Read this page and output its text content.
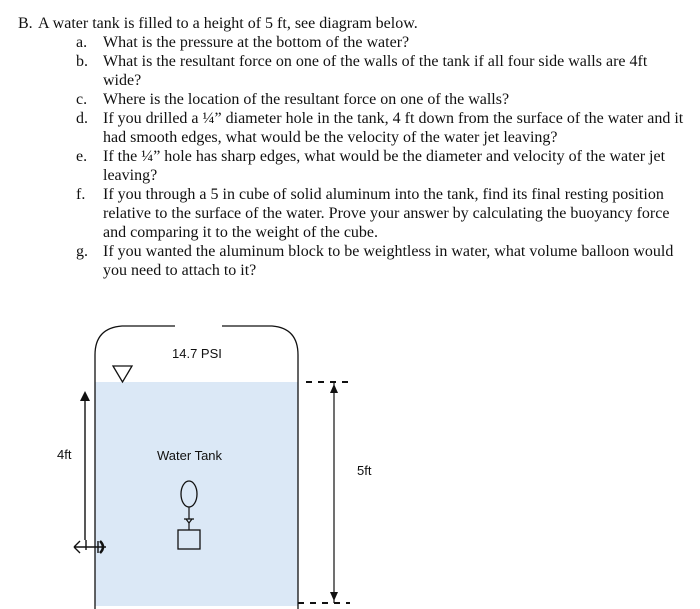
B. A water tank is filled to a height of 5 ft, see diagram below.

a. What is the pressure at the bottom of the water?
b. What is the resultant force on one of the walls of the tank if all four side walls are 4ft wide?
c. Where is the location of the resultant force on one of the walls?
d. If you drilled a ¼” diameter hole in the tank, 4 ft down from the surface of the water and it had smooth edges, what would be the velocity of the water jet leaving?
e. If the ¼” hole has sharp edges, what would be the diameter and velocity of the water jet leaving?
f. If you through a 5 in cube of solid aluminum into the tank, find its final resting position relative to the surface of the water. Prove your answer by calculating the buoyancy force and comparing it to the weight of the cube.
g. If you wanted the aluminum block to be weightless in water, what volume balloon would you need to attach to it?
14.7 PSI
Water Tank
4ft
5ft
